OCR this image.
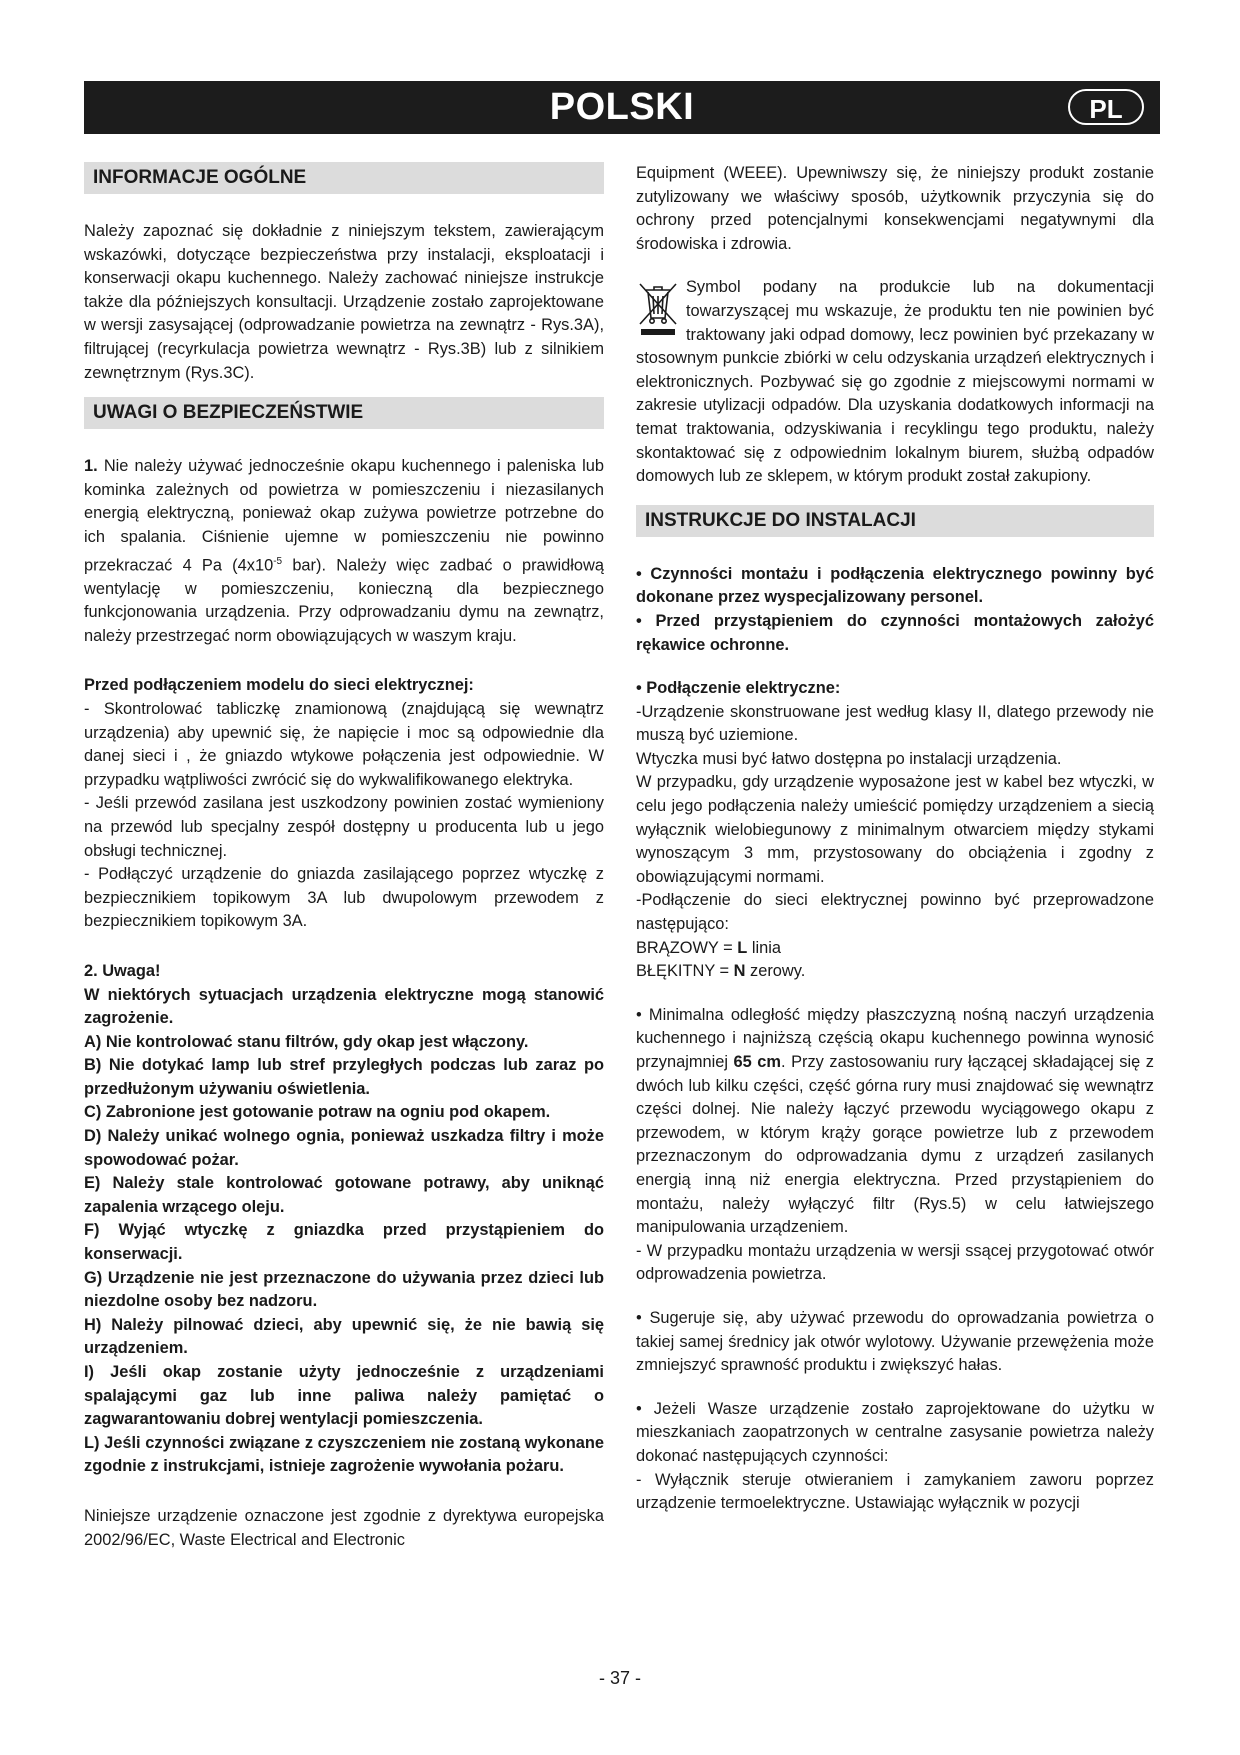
POLSKI	PL
INFORMACJE OGÓLNE

Należy zapoznać się dokładnie z niniejszym tekstem, zawierającym wskazówki, dotyczące bezpieczeństwa przy instalacji, eksploatacji i konserwacji okapu kuchennego. Należy zachować niniejsze instrukcje także dla późniejszych konsultacji. Urządzenie zostało zaprojektowane w wersji zasysającej (odprowadzanie powietrza na zewnątrz - Rys.3A), filtrującej (recyrkulacja powietrza wewnątrz - Rys.3B) lub z silnikiem zewnętrznym (Rys.3C).

UWAGI O BEZPIECZEŃSTWIE

1. Nie należy używać jednocześnie okapu kuchennego i paleniska lub kominka zależnych od powietrza w pomieszczeniu i niezasilanych energią elektryczną, ponieważ okap zużywa powietrze potrzebne do ich spalania. Ciśnienie ujemne w pomieszczeniu nie powinno przekraczać 4 Pa ($4x10^{-5}$ bar). Należy więc zadbać o prawidłową wentylację w pomieszczeniu, konieczną dla bezpiecznego funkcjonowania urządzenia. Przy odprowadzaniu dymu na zewnątrz, należy przestrzegać norm obowiązujących w waszym kraju.

Przed podłączeniem modelu do sieci elektrycznej:

- Skontrolować tabliczkę znamionową (znajdującą się wewnątrz urządzenia) aby upewnić się, że napięcie i moc są odpowiednie dla danej sieci i , że gniazdo wtykowe połączenia jest odpowiednie. W przypadku wątpliwości zwrócić się do wykwalifikowanego elektryka.

- Jeśli przewód zasilana jest uszkodzony powinien zostać wymieniony na przewód lub specjalny zespół dostępny u producenta lub u jego obsługi technicznej.

- Podłączyć urządzenie do gniazda zasilającego poprzez wtyczkę z bezpiecznikiem topikowym 3A lub dwupolowym przewodem z bezpiecznikiem topikowym 3A.

2. Uwaga!

W niektórych sytuacjach urządzenia elektryczne mogą stanowić zagrożenie.

A) Nie kontrolować stanu filtrów, gdy okap jest włączony.

B) Nie dotykać lamp lub stref przyległych podczas lub zaraz po przedłużonym używaniu oświetlenia.

C) Zabronione jest gotowanie potraw na ogniu pod okapem.

D) Należy unikać wolnego ognia, ponieważ uszkadza filtry i może spowodować pożar.

E) Należy stale kontrolować gotowane potrawy, aby uniknąć zapalenia wrzącego oleju.

F) Wyjąć wtyczkę z gniazdka przed przystąpieniem do konserwacji.

G) Urządzenie nie jest przeznaczone do używania przez dzieci lub niezdolne osoby bez nadzoru.

H) Należy pilnować dzieci, aby upewnić się, że nie bawią się urządzeniem.

I) Jeśli okap zostanie użyty jednocześnie z urządzeniami spalającymi gaz lub inne paliwa należy pamiętać o zagwarantowaniu dobrej wentylacji pomieszczenia.

L) Jeśli czynności związane z czyszczeniem nie zostaną wykonane zgodnie z instrukcjami, istnieje zagrożenie wywołania pożaru.

Niniejsze urządzenie oznaczone jest zgodnie z dyrektywa europejska 2002/96/EC, Waste Electrical and Electronic

Equipment (WEEE). Upewniwszy się, że niniejszy produkt zostanie zutylizowany we właściwy sposób, użytkownik przyczynia się do ochrony przed potencjalnymi konsekwencjami negatywnymi dla środowiska i zdrowia.

Symbol podany na produkcie lub na dokumentacji towarzyszącej mu wskazuje, że produktu ten nie powinien być traktowany jaki odpad domowy, lecz powinien być przekazany w stosownym punkcie zbiórki w celu odzyskania urządzeń elektrycznych i elektronicznych. Pozbywać się go zgodnie z miejscowymi normami w zakresie utylizacji odpadów. Dla uzyskania dodatkowych informacji na temat traktowania, odzyskiwania i recyklingu tego produktu, należy skontaktować się z odpowiednim lokalnym biurem, służbą odpadów domowych lub ze sklepem, w którym produkt został zakupiony.

INSTRUKCJE DO INSTALACJI

• Czynności montażu i podłączenia elektrycznego powinny być dokonane przez wyspecjalizowany personel.

• Przed przystąpieniem do czynności montażowych założyć rękawice ochronne.

• Podłączenie elektryczne:

-Urządzenie skonstruowane jest według klasy II, dlatego przewody nie muszą być uziemione.

Wtyczka musi być łatwo dostępna po instalacji urządzenia.

W przypadku, gdy urządzenie wyposażone jest w kabel bez wtyczki, w celu jego podłączenia należy umieścić pomiędzy urządzeniem a siecią wyłącznik wielobiegunowy z minimalnym otwarciem między stykami wynoszącym 3 mm, przystosowany do obciążenia i zgodny z obowiązującymi normami.

-Podłączenie do sieci elektrycznej powinno być przeprowadzone następująco:

BRĄZOWY = L linia

BŁĘKITNY = N zerowy.

• Minimalna odległość między płaszczyzną nośną naczyń urządzenia kuchennego i najniższą częścią okapu kuchennego powinna wynosić przynajmniej 65 cm. Przy zastosowaniu rury łączącej składającej się z dwóch lub kilku części, część górna rury musi znajdować się wewnątrz części dolnej. Nie należy łączyć przewodu wyciągowego okapu z przewodem, w którym krąży gorące powietrze lub z przewodem przeznaczonym do odprowadzania dymu z urządzeń zasilanych energią inną niż energia elektryczna. Przed przystąpieniem do montażu, należy wyłączyć filtr (Rys.5) w celu łatwiejszego manipulowania urządzeniem.

- W przypadku montażu urządzenia w wersji ssącej przygotować otwór odprowadzenia powietrza.

• Sugeruje się, aby używać przewodu do oprowadzania powietrza o takiej samej średnicy jak otwór wylotowy. Używanie przewężenia może zmniejszyć sprawność produktu i zwiększyć hałas.

• Jeżeli Wasze urządzenie zostało zaprojektowane do użytku w mieszkaniach zaopatrzonych w centralne zasysanie powietrza należy dokonać następujących czynności:

- Wyłącznik steruje otwieraniem i zamykaniem zaworu poprzez urządzenie termoelektryczne. Ustawiając wyłącznik w pozycji

- 37 -
